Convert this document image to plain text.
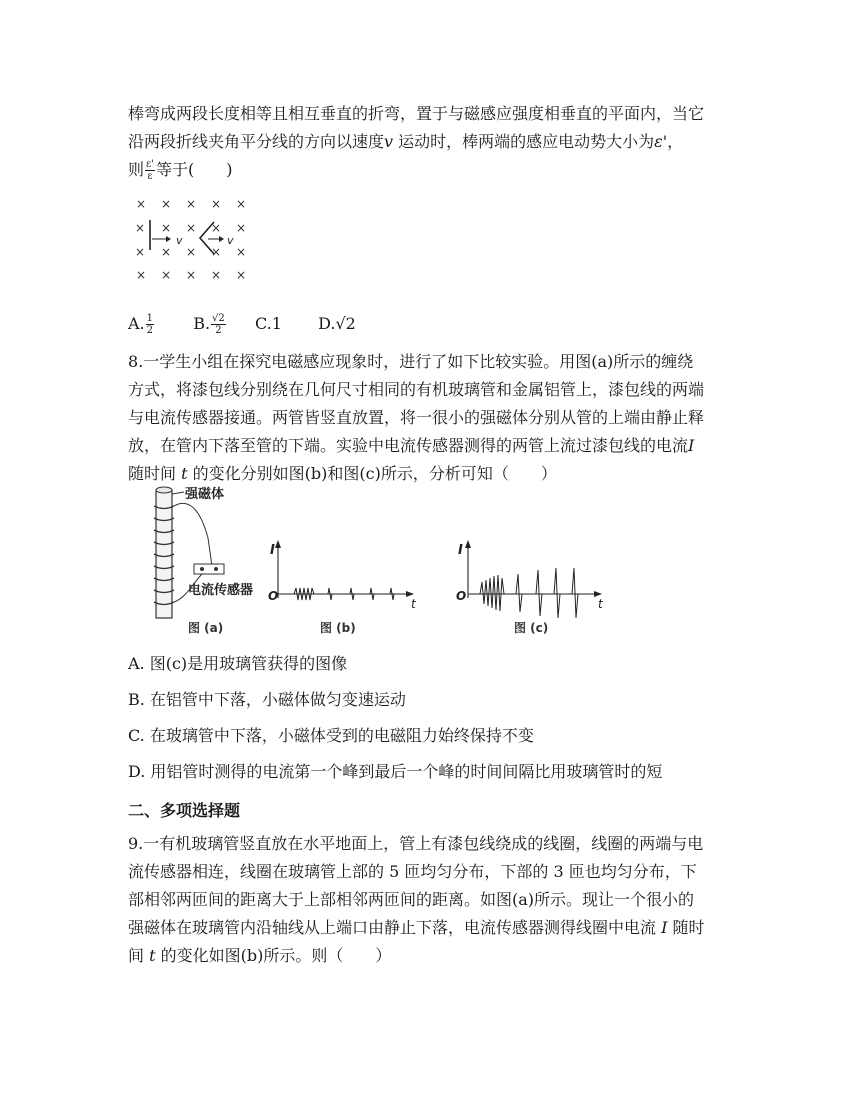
棒弯成两段长度相等且相互垂直的折弯，置于与磁感应强度相垂直的平面内，当它
沿两段折线夹角平分线的方向以速度v 运动时，棒两端的感应电动势大小为ε'，
则 $\frac{\varepsilon'}{\varepsilon}$ 等于(　　)
× × × × ×
× × × × ×
× × × × ×
× × × × ×
v	v
A. $\frac{1}{2} B$. $\frac{√2}{2} C.1$ D.√2
8.一学生小组在探究电磁感应现象时，进行了如下比较实验。用图(a)所示的缠绕
方式，将漆包线分别绕在几何尺寸相同的有机玻璃管和金属铝管上，漆包线的两端
与电流传感器接通。两管皆竖直放置，将一很小的强磁体分别从管的上端由静止释
放，在管内下落至管的下端。实验中电流传感器测得的两管上流过漆包线的电流I
随时间 t 的变化分别如图(b)和图(c)所示，分析可知（　　）
强磁体
电流传感器
图 (a)
I
O
t
图 (b)
I
O
t
图 (c)
A. 图(c)是用玻璃管获得的图像
B. 在铝管中下落，小磁体做匀变速运动
C. 在玻璃管中下落，小磁体受到的电磁阻力始终保持不变
D. 用铝管时测得的电流第一个峰到最后一个峰的时间间隔比用玻璃管时的短
二、多项选择题
9.一有机玻璃管竖直放在水平地面上，管上有漆包线绕成的线圈，线圈的两端与电
流传感器相连，线圈在玻璃管上部的 5 匝均匀分布，下部的 3 匝也均匀分布，下
部相邻两匝间的距离大于上部相邻两匝间的距离。如图(a)所示。现让一个很小的
强磁体在玻璃管内沿轴线从上端口由静止下落，电流传感器测得线圈中电流 I 随时
间 t 的变化如图(b)所示。则（　　）
